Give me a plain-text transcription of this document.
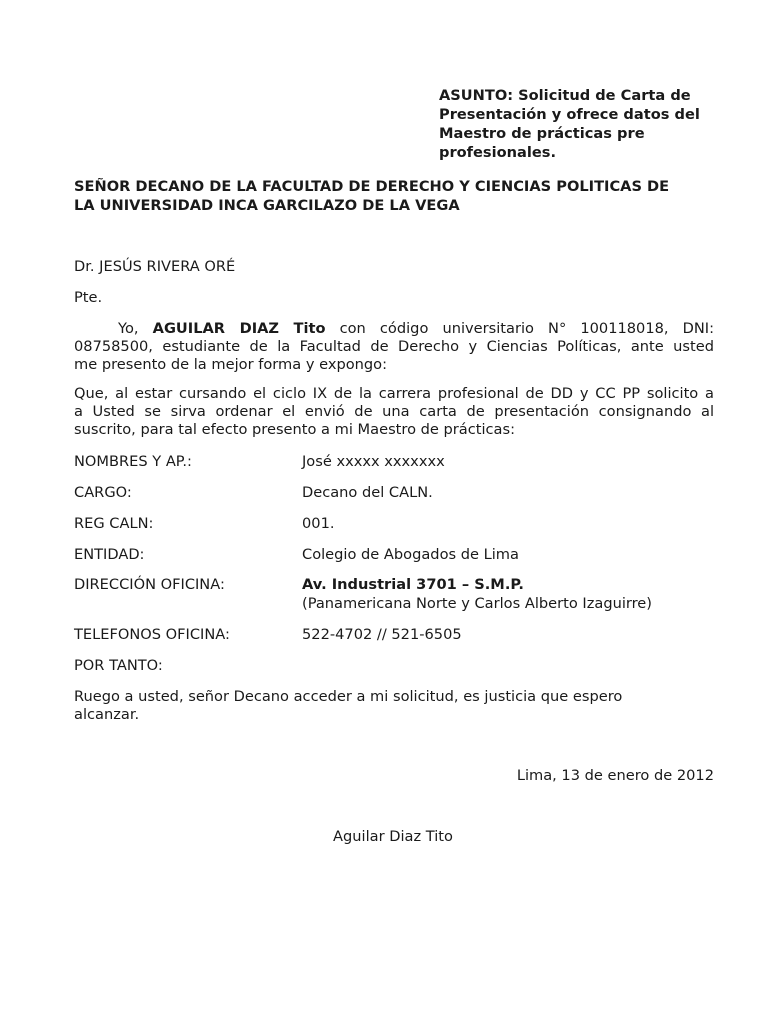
ASUNTO: Solicitud de Carta de
Presentación y ofrece datos del
Maestro de prácticas pre
profesionales.
SEÑOR DECANO DE LA FACULTAD DE DERECHO Y CIENCIAS POLITICAS DE
LA UNIVERSIDAD INCA GARCILAZO DE LA VEGA
Dr. JESÚS RIVERA ORÉ
Pte.
Yo, AGUILAR DIAZ Tito con código universitario N° 100118018, DNI:
08758500, estudiante de la Facultad de Derecho y Ciencias Políticas, ante usted
me presento de la mejor forma y expongo:
Que, al estar cursando el ciclo IX de la carrera profesional de DD y CC PP solicito a
a Usted se sirva ordenar el envió de una carta de presentación consignando al
suscrito, para tal efecto presento a mi Maestro de prácticas:
NOMBRES Y AP.:	José xxxxx xxxxxxx
CARGO:	Decano del CALN.
REG CALN:	001.
ENTIDAD:	Colegio de Abogados de Lima
DIRECCIÓN OFICINA:	Av. Industrial 3701 – S.M.P.
(Panamericana Norte y Carlos Alberto Izaguirre)
TELEFONOS OFICINA:	522-4702 // 521-6505
POR TANTO:
Ruego a usted, señor Decano acceder a mi solicitud, es justicia que espero
alcanzar.
Lima, 13 de enero de 2012
Aguilar Diaz Tito
